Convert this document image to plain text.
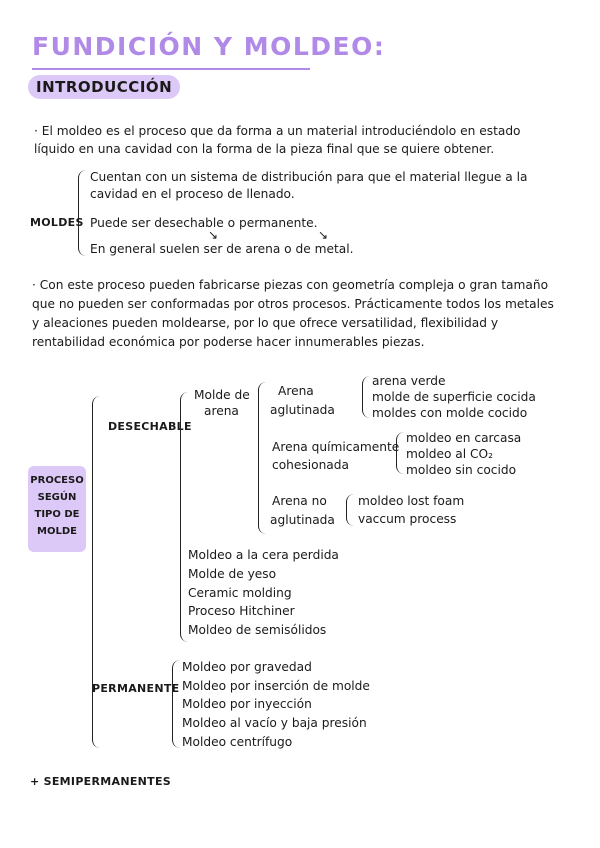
FUNDICIÓN Y MOLDEO:
INTRODUCCIÓN
· El moldeo es el proceso que da forma a un material introduciéndolo en estado
líquido en una cavidad con la forma de la pieza final que se quiere obtener.
MOLDES
Cuentan con un sistema de distribución para que el material llegue a la
cavidad en el proceso de llenado.
Puede ser desechable o permanente.
↘	↘
En general suelen ser de arena o de metal.
· Con este proceso pueden fabricarse piezas con geometría compleja o gran tamaño
que no pueden ser conformadas por otros procesos. Prácticamente todos los metales
y aleaciones pueden moldearse, por lo que ofrece versatilidad, flexibilidad y
rentabilidad económica por poderse hacer innumerables piezas.
PROCESO
SEGÚN
TIPO DE
MOLDE
DESECHABLE
Molde de
arena
Arena
aglutinada
arena verde
molde de superficie cocida
moldes con molde cocido
Arena químicamente
cohesionada
moldeo en carcasa
moldeo al CO₂
moldeo sin cocido
Arena no
aglutinada
moldeo lost foam
vaccum process
Moldeo a la cera perdida
Molde de yeso
Ceramic molding
Proceso Hitchiner
Moldeo de semisólidos
PERMANENTE
Moldeo por gravedad
Moldeo por inserción de molde
Moldeo por inyección
Moldeo al vacío y baja presión
Moldeo centrífugo
+ SEMIPERMANENTES
